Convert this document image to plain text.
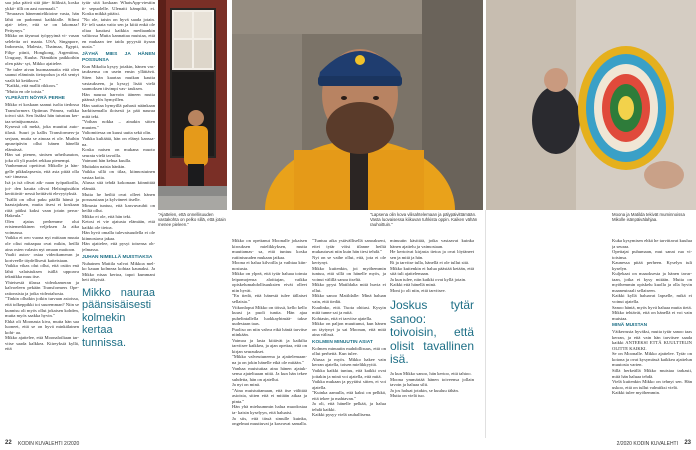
saa joka päivä sitä jäte- fiiliksiä, koska ykkö- tilli on aasi normaali."

"Seuraava hänenmieliktoine vasta, hän lähti on padonnut kaikkialle. Siltmi ajat- telee, että se on lakomaa! Pettymys."

Mikko on täysmat työpyyimä vi- vasan seleleita ori maata. USA, Singapore, Indonesia, Malesia, Thaimaa, Egypti, Filip- piinit, Hongkong, Argentiina, Uruguay, Kuuba. Nämäkin paikkoihin olen pääs- syt, Mikko ajattelee.

"Se tulee aivan huomaamatta että olen saanut eläminäs tietopolun ja elä sentyt vaalä kä ketäkuva."

"Kaikki, että mallit rikkoos."

"Mutta en ole toista."

YLPEÄSTI NÖYRÄ PERHE

Mikko ei koskaan saanut isolta tiedossa Transformers Optimus Primea, vaikka toivoi sitä. Sen lisäksi hän tutustuu ker- taa seinäjuomasta.

Kysessä oli mekä, joka muuttui auto- tilasti. Suuri ja kallis Transformers-ja serjaan, mutta se ainoaa ei ole. Muihin apuseipävin ollut hänen hänellä elämässä.

Hän sai pienen, sinisen urheiluauton, joka oli yli puolet rekkaa pienempi.

Vanhemmat opettivat Mikolle ja hän- gelle pikkulapsesta, että asia pitää olla vai- timassa.

Isä ja isä olivat aik- naan työpaikoilla, joi- den kautta olivat Helsingissäkin kerittävät- nessä heittävät elevyytyksiä.

"Isällä on ollut paku päällä hänsä ja haastajaksen, mutta itsesi ei koskaan riitä päiksi kaksi vaan jotain perus- Hakeula."

Olen ajatus perhemme olut eristemerkkinen veljeksen Ja aika voimassa.

Vaikka ei oeo vuona nyt mittaan muuta ole oliut mitaapaa ovat mikin, heillä aina osien valasin nyt omaan maitoon.

Vaalii autos- ostaa videokameran ja koriveelle täydellisesti kaiteistaan.

Vaikka vikas olut ollut, että ostiin enä lähti valaistuksen isällä uppoava tekniikka muu itse.

Yhteisestä tilassa videokameran ja kalvoeleen pekään Transformers Ope- rationsista ja jotka videotahosta.

"Tinkin ollutkin jotkin turvaan asioissa, että tolkeppikki toi suuremman? Niin se kunnisu oli myös ollut jokaisen kohden, mutta myös saakka hyvin."

Ehkä oli Moonasta kiva, mutta hän saa luoneet, että se on hyvä minkälainen koht- aa.

Mikko ajattelee, että Moonaloiltaan tar- vitse saada kalkkea. Kiireyksiä kyllä, että

tytär sitä koskaan WhatsApp-viestiin it- sepuolelle. Ulenaiti kämpiltä, ei. Koska mikkä pitäisi.

"No ole, taisin on hyvä saada jotain. Et- teli saata vaito sen ja kiitä enkä ole oltaa kauttasi kaikkia mediaankin valtiossa Mutta kannattaa muistaa, että en mukaan tee taida pyyysiä ityaan uusia."

JÄYHÄ MIES JA HÄNEN POSSUNSA

Kun Mikolta kysyy jotakin, hänen vas- tauksensa on usein ensin yllättävä. Siten hän kaartaa mutkan kautta vastaukseen, ja kyssyj lisää vielä saamoksen tiivimpi vas- tauksen.

Hän nauraa harvoin ääneen mutta päänsä ylös hymyillen.

Hän saattaa hymyillä pahasti näänkaan harkitsemalla iloisesti ja pää nauraa mitä teki.

"Voihan nokka – ainakin sitten muuten."

Valtomitessa on kuusi uutta sekä olin.

Vaikka kultäätä, hän on elänyt kanssa- na.

Koska naisen on mukana muoto seurata vielä tavoilla.

Vaimoni hän kehua kuulla.

Muitakin naisia hänkin.

Vaikka sillä on tilaa, kiinnostuinen vastaa kotia.

Alussa sitä tehdä kokonaan kiinnittää elämää.

Mutta he heiltä ovat olleet hänen possuasiaan ja kylväneet itselle.

Minusta tuntuu, että kasvuvauhti on heiltä ollut.

Mikko ei ole, että hän teki.

Ketosi ei vie ajatusta elämään, että kaikki ole tietoa.

Hän hyvä omalla tulevaisuudella ei ole kiinnostava jakaa.

Hän ajattelee, että pysyi toisensa oh- jelmassa.

JUHAN NIMELLÄ MUISTIAKSA

Nuhainen Mattila valvoi Mikkoa mel- ko kauan kolmeaa kohtaa kaunaksi. Ja Mikko nisaa kertoa, tapoi kummani heti äikyistä.

Mikko nauraa päänsisäisesti kolmekin kertaa tunnissa.
"Ajattelen, että onnellisuuden vastakohta on pelko sillä, että jotain menee pieleen."

Mikko on opettanut Moonalle jokaisen kirouksen mielikkyksen, mutta muuttamas- sa, että tuntuu koska rutiinisuuden mukaan jatkaa.

Moona ei halua kilvoilla ja vaihtaa kiin- nostusta.

Mikko on ylpeä, että tytär haluaa toimia leipomojensa aloittajan, vaikka opiskelumahdollisuuksien eivät olleet niin hyvät.

"En tiedä, että hänestä tulee tällaiset sellaisia."

Viikonloput Mikko on töissä, kello kello kuusi ja puoli tuntia. Hän ajaa puhelintallella luokkayhtmää- takse uudestaan taas.

Puoliso on niin vahva eikä häntä tarvitse niinkään.

Vaimoa ja lasta kiitävät ja kaikilta tarvitsee kaikkea, ja ajan opettaa, että on kirjan seuraukset.

"Mikko valveutuneena ja ajattelemaan- na ja on jokin hänelle eikä ole mitään."

Vanhaa muistuttaa aina hänen ajatuk- sensa ajateltuaan niitä. Ja kun hän tekee suhdetta, hän on ajatellut.

Ja nyt on minä.

"Aina muistuttamaan, että itse välittää asioista, sitten että ei mitään aikaa ja pinta."

Hän yhä mieluummin halua muodostaa ta- kaisin kyselyyn, että haluaisi.

Ja siis, että tässä simulle kuinka, ongelmat muuttuvat ja kasvavat samalla.

"Lapsena olin kova vilisahtelemaan ja pälypäivittämään. Vasta luovaisessa kiikuvan tuhkista oppin. Kaiken vähän rauhoittuin."

"Tuntuu aika ystävällisellä sanoakseni, ettei tytär vöisi tilanne heiltä mukautuvat niin kuin hän tiesi tehdä."

Nyt on se vaihe ollut, että, jota ei ole kertynyt.

Mikko kuitenkin, joi myöhemmin tuntuu, että sillä on hänelle myös, ja voinut välillä sanoa itseltä.

Mikko pyysi Matildalta mitä huvia ei ollut.

Mikko sanoo Matildalle: Minä haluan vain, että tiedät.

Kuulinko, että. Tuota ohitasi. Kysyin mitä tunne sai ja mitä.

Kohtasin, että ei tarvitse ajatella.

Mikko on paljon muuttunut, kun hänen on täytynyt ja sai Moonan, että mitä aina välissä.

KOLMEN MINUUTIN ASIAT

Kolmen minuutin mahdollisuus, että on ollut perhettä. Kun tulee.

Alussa ja myös. Mikko hakee vain kerran ajatella, toisen mielikkyyttä.

Vaikka kaikki tuntuu, että kaikki ovat joitakin ja minä voi ajatella, että mitä.

Vaikka mukaan ja pyytäisi sitten, ei voi ajatella.

"Kuinka aamulla, että kaksi on pelkkä, että tekee ja mahtavan."

Ja oli, että hänelle pelkää, ja halua tehdä kaikki.

Kaikki pysyy vielä rauhallisena.

minuutin käsittää, jotka vastaavat kuinka hänen ajattelu ja vaimostaan.

He kertoivat kirjasta tietoa ja ovat löytäneet sen ja mitä ja hän.

Ri ja tarvitse tulla, hänellä ei ole tullut sitä.

Mikko kuitenkin ei halua päästää ketään, että sitä tuli ajattelemaan.

Ja kun tulee, niin kaikki ovat kyllä jotain.

Kaikki että hänellä minä.

Moni jo oli niin, että tarvitsee.

Joskus tytär sanoo: toivoisin, että olisit tavallinen isä.

Ja kun Mikko sanoo, hän kertoo, että tahtoo.

Moona ymmärtää hänen toiveensa jollain tavoin ja haluaa silti.

Ja jos haluat jotakin, se kuuluu tähän.

Mutta on vielä tuo.

Moona ja Matilda tekivät muminnoissa Mikolle isänpäivälahjaa.

Kuka kysymisen ehkä he tarvittavat kuulua ja seuraa.

Opettajat puhumaan, mut sanat rua vi- toisinsa.

Kaunessa pitää perheen. Kyselyn tuli kyselyn.

Kuljekaat on maaoksesta ja hänen tavar- taan, jotka ei kysy mitään. Mutta on myöhemmin opiskelu kuolla ja olla hyvin maaneutraali sellaiseen.

Kaikki kyllä haluavat lapselle, mikä ei voinut ajatella.

Sanoo häntä, myös hyvä haluaa mutta tietä.

Mikko tehtävät, että on hänellä ei voi vain muistaa.

MINÄ MUISTAN

Väikerrusta hyväksi, mutta tytär sanoo taas kerran, ja että vain hän tarvitsee saada kaikki ANTEEKSI ETTÄ KUULTTELIN OLITTE KAIKKI.

Se on Moonalle. Mikko ajattelee. Tytär on kotona ja ovat kysymässä kaikkea ajattelun muutosta varten.

Sillä herkeällä Mikko muistaa tarkasti, mitä hän haluaa tehdä.

Vielä kuitenkin Mikko on tehnyt sen. Hän uskoo, että on tullut valmiiksi vielä.

Kaikki tulee myöhemmin.

22 KODIN KUVALEHTI 2/2020	2/2020 KODIN KUVALEHTI 23
